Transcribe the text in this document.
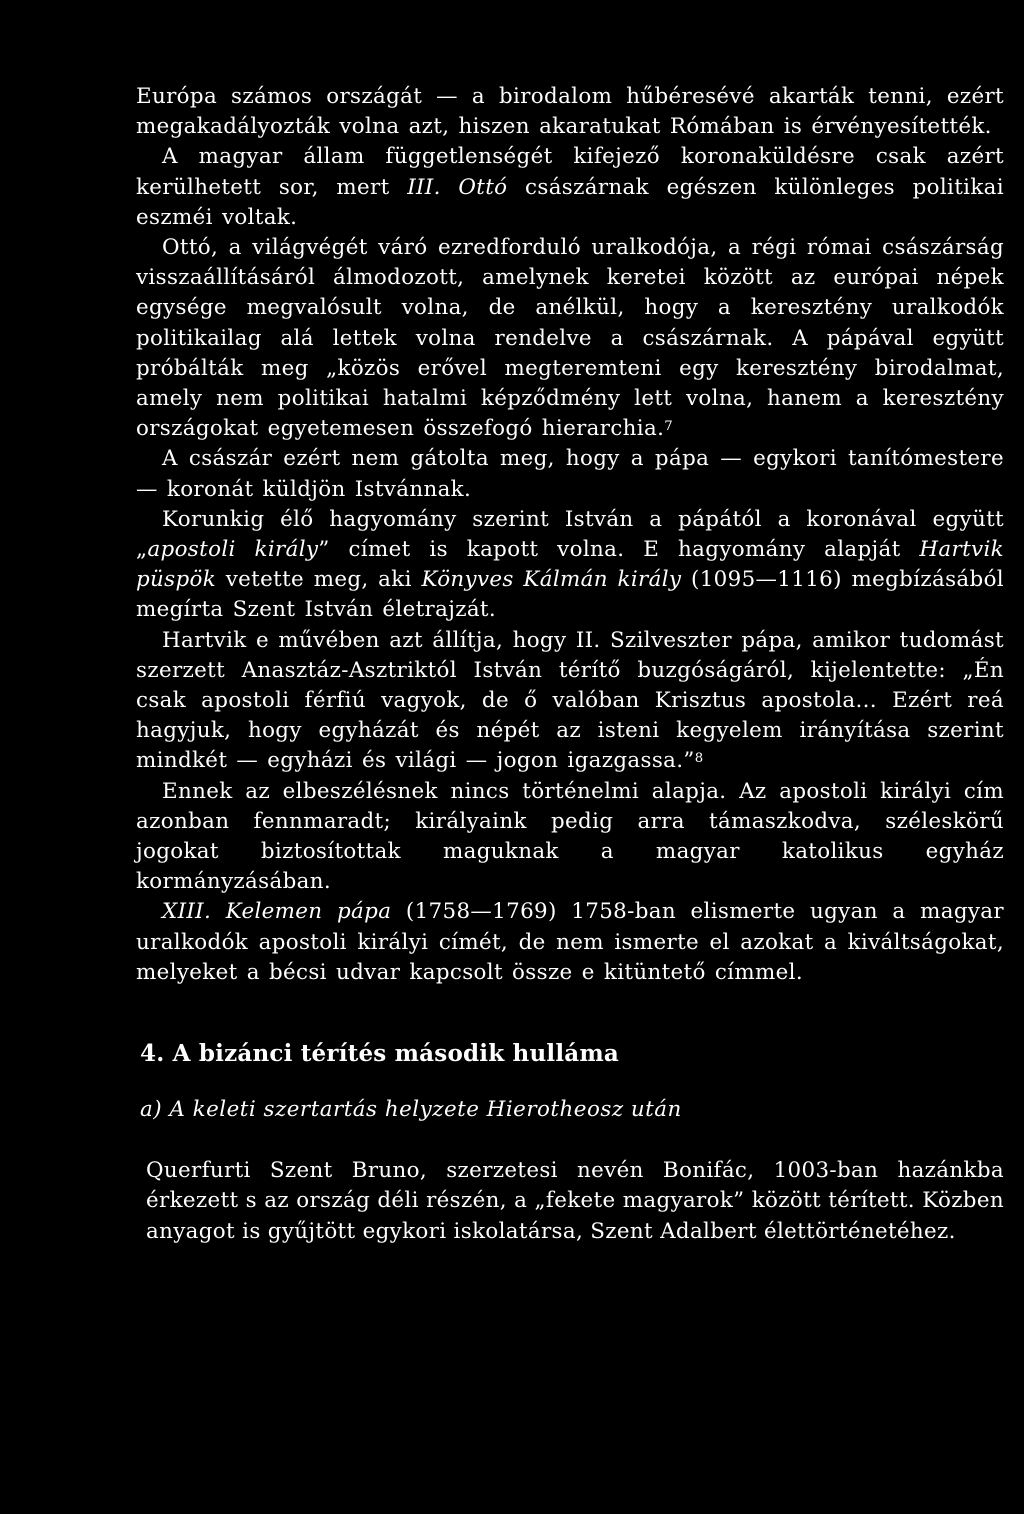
Európa számos országát — a birodalom hűbéresévé akarták tenni, ezért megakadályozták volna azt, hiszen akaratukat Rómában is érvényesítették.

A magyar állam függetlenségét kifejező koronaküldésre csak azért kerülhetett sor, mert III. Ottó császárnak egészen különleges politikai eszméi voltak.

Ottó, a világvégét váró ezredforduló uralkodója, a régi római császárság visszaállításáról álmodozott, amelynek keretei között az európai népek egysége megvalósult volna, de anélkül, hogy a keresztény uralkodók politikailag alá lettek volna rendelve a császárnak. A pápával együtt próbálták meg „közös erővel megteremteni egy keresztény birodalmat, amely nem politikai hatalmi képződmény lett volna, hanem a keresztény országokat egyetemesen összefogó hierarchia.$^7$

A császár ezért nem gátolta meg, hogy a pápa — egykori tanítómestere — koronát küldjön Istvánnak.

Korunkig élő hagyomány szerint István a pápától a koronával együtt „apostoli király” címet is kapott volna. E hagyomány alapját Hartvik püspök vetette meg, aki Könyves Kálmán király (1095—1116) megbízásából megírta Szent István életrajzát.

Hartvik e művében azt állítja, hogy II. Szilveszter pápa, amikor tudomást szerzett Anasztáz-Asztriktól István térítő buzgóságáról, kijelentette: „Én csak apostoli férfiú vagyok, de ő valóban Krisztus apostola... Ezért reá hagyjuk, hogy egyházát és népét az isteni kegyelem irányítása szerint mindkét — egyházi és világi — jogon igazgassa.”$^8$

Ennek az elbeszélésnek nincs történelmi alapja. Az apostoli királyi cím azonban fennmaradt; királyaink pedig arra támaszkodva, széleskörű jogokat biztosítottak maguknak a magyar katolikus egyház kormányzásában.

XIII. Kelemen pápa (1758—1769) 1758-ban elismerte ugyan a magyar uralkodók apostoli királyi címét, de nem ismerte el azokat a kiváltságokat, melyeket a bécsi udvar kapcsolt össze e kitüntető címmel.

4. A bizánci térítés második hulláma
a) A keleti szertartás helyzete Hierotheosz után
Querfurti Szent Bruno, szerzetesi nevén Bonifác, 1003-ban hazánkba érkezett s az ország déli részén, a „fekete magyarok” között térített. Közben anyagot is gyűjtött egykori iskolatársa, Szent Adalbert élettörténetéhez.
